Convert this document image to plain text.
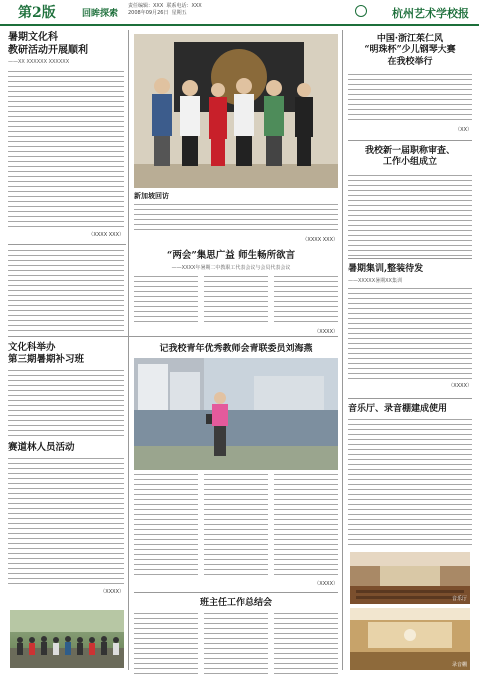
第2版	回眸探索
责任编辑：XXX  联系电话：XXX
2008年09月26日  星期五	杭州艺术学校报
暑期文化科
教研活动开展顺利
——XX XXXXXX XXXXXX
（XXXX XXX）
“两会”集思广益 师生畅所欲言
——XXXX年暑期二中教职工代表会议与会员代表会议
（XXXX）
文化科举办
第三期暑期补习班
赛道林人员活动
（XXXX）
新加坡回访
（XXXX XXX）
记我校青年优秀教师会青联委员刘海燕
（XXXX）
班主任工作总结会
中国·浙江茱仁风
“明珠杯”少儿钢琴大赛
在我校举行
（XX）
我校新一届职称审查、
工作小组成立
暑期集训,整装待发
——XXXXX暑期XX集训
（XXXX）
音乐厅、录音棚建成使用
音乐厅
录音棚
